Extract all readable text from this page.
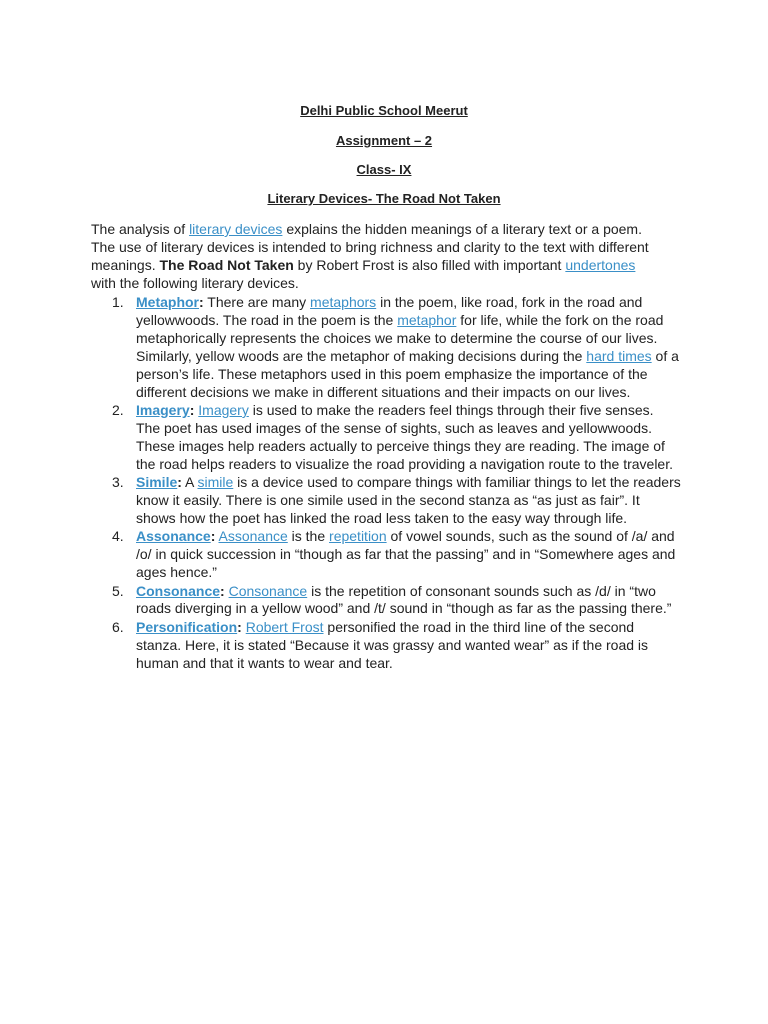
Delhi Public School Meerut
Assignment – 2
Class- IX
Literary Devices- The Road Not Taken

The analysis of literary devices explains the hidden meanings of a literary text or a poem. The use of literary devices is intended to bring richness and clarity to the text with different meanings. The Road Not Taken by Robert Frost is also filled with important undertones with the following literary devices.

1. Metaphor: There are many metaphors in the poem, like road, fork in the road and yellowwoods. The road in the poem is the metaphor for life, while the fork on the road metaphorically represents the choices we make to determine the course of our lives. Similarly, yellow woods are the metaphor of making decisions during the hard times of a person’s life. These metaphors used in this poem emphasize the importance of the different decisions we make in different situations and their impacts on our lives.
2. Imagery: Imagery is used to make the readers feel things through their five senses. The poet has used images of the sense of sights, such as leaves and yellowwoods. These images help readers actually to perceive things they are reading. The image of the road helps readers to visualize the road providing a navigation route to the traveler.
3. Simile: A simile is a device used to compare things with familiar things to let the readers know it easily. There is one simile used in the second stanza as “as just as fair”. It shows how the poet has linked the road less taken to the easy way through life.
4. Assonance: Assonance is the repetition of vowel sounds, such as the sound of /a/ and /o/ in quick succession in “though as far that the passing” and in “Somewhere ages and ages hence.”
5. Consonance: Consonance is the repetition of consonant sounds such as /d/ in “two roads diverging in a yellow wood” and /t/ sound in “though as far as the passing there.”
6. Personification: Robert Frost personified the road in the third line of the second stanza. Here, it is stated “Because it was grassy and wanted wear” as if the road is human and that it wants to wear and tear.
